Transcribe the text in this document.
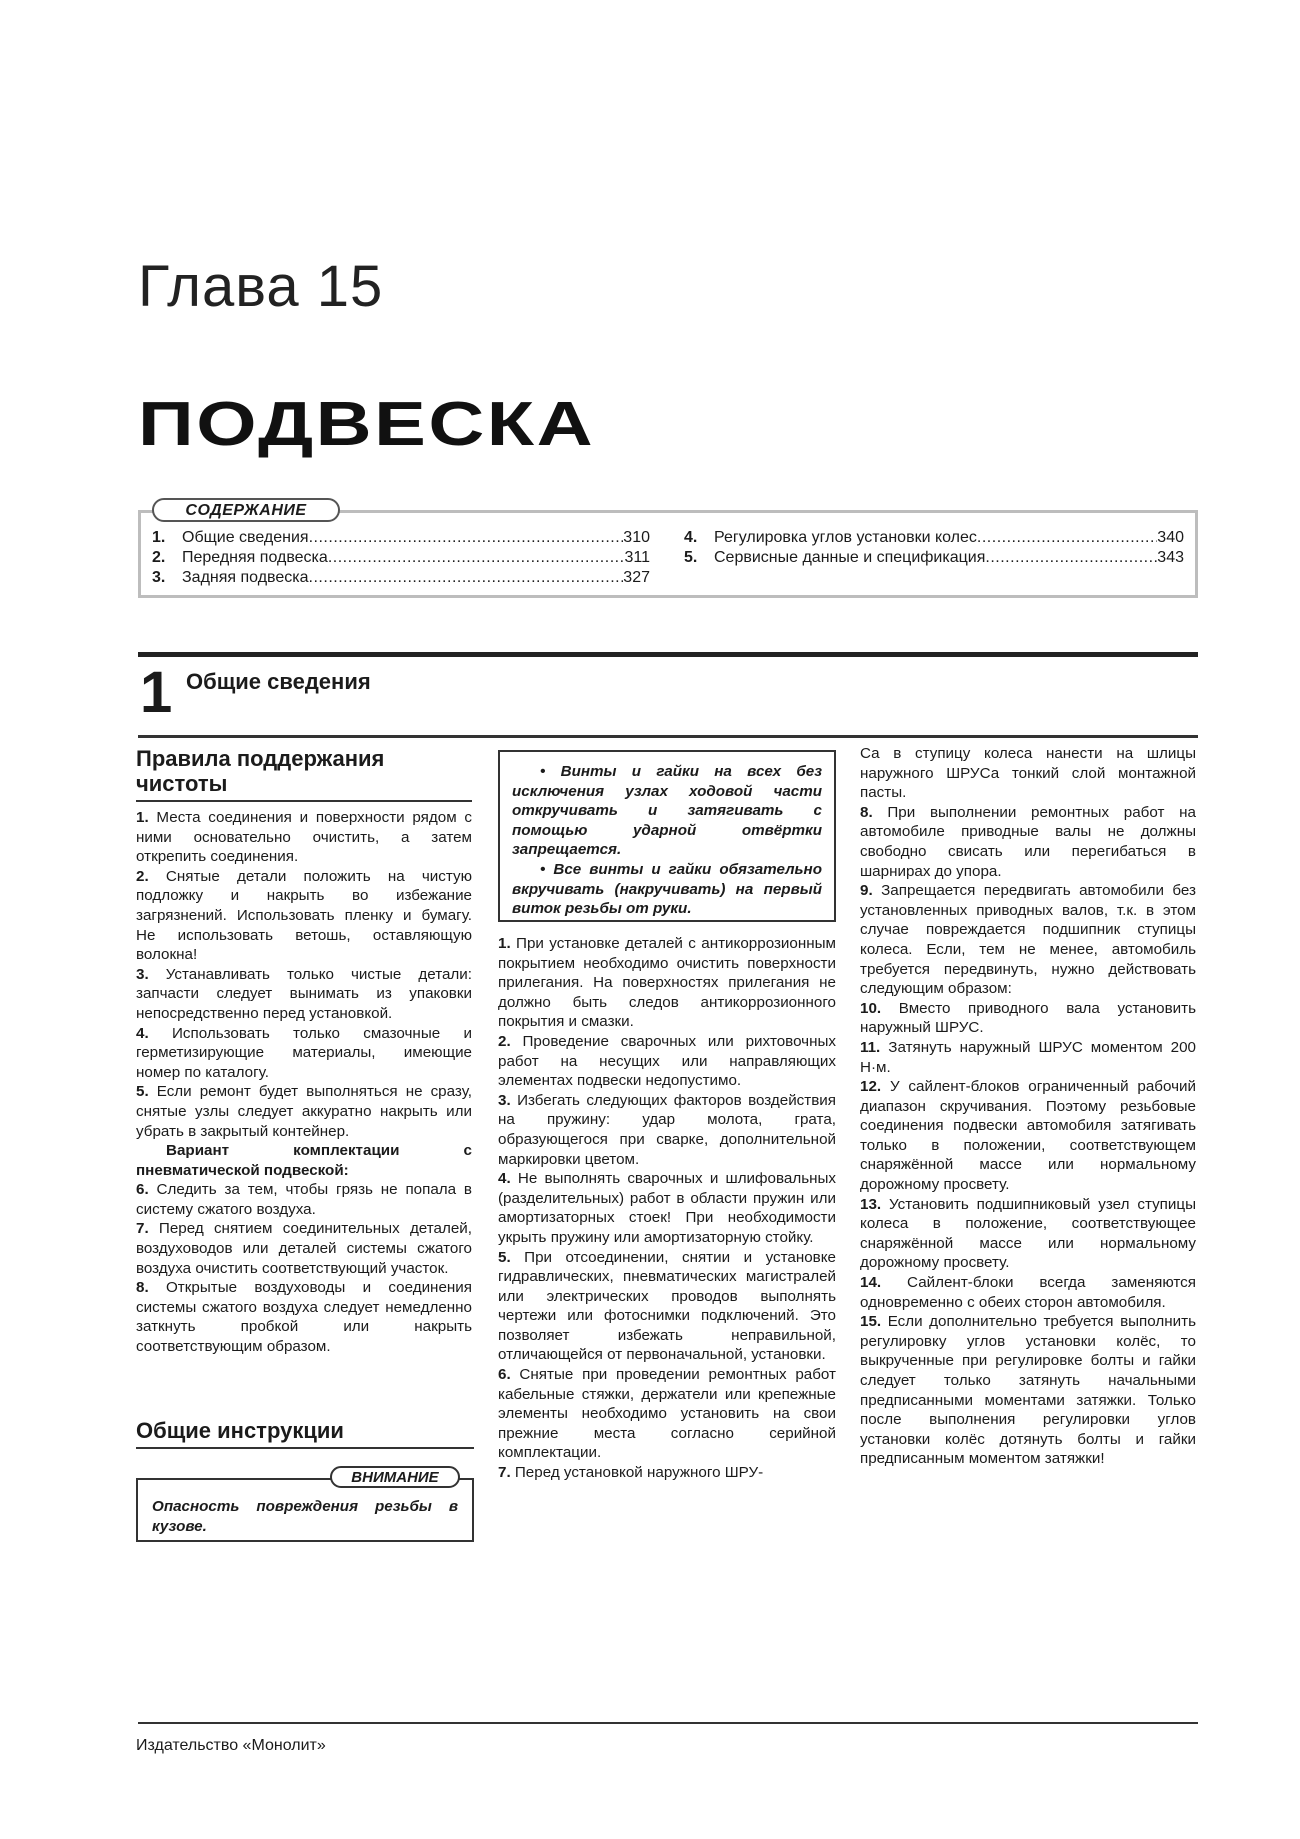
Глава 15
ПОДВЕСКА
СОДЕРЖАНИЕ
1.	Общие сведения .....	310
2.	Передняя подвеска .....	311
3.	Задняя подвеска .....	327
4.	Регулировка углов установки колес .....	340
5.	Сервисные данные и спецификация .....	343
1 Общие сведения
Правила поддержания чистоты

1. Места соединения и поверхности рядом с ними основательно очистить, а затем открепить соединения.

2. Снятые детали положить на чистую подложку и накрыть во избежание загрязнений. Использовать пленку и бумагу. Не использовать ветошь, оставляющую волокна!

3. Устанавливать только чистые детали: запчасти следует вынимать из упаковки непосредственно перед установкой.

4. Использовать только смазочные и герметизирующие материалы, имеющие номер по каталогу.

5. Если ремонт будет выполняться не сразу, снятые узлы следует аккуратно накрыть или убрать в закрытый контейнер.

Вариант комплектации с пневматической подвеской:

6. Следить за тем, чтобы грязь не попала в систему сжатого воздуха.

7. Перед снятием соединительных деталей, воздуховодов или деталей системы сжатого воздуха очистить соответствующий участок.

8. Открытые воздуховоды и соединения системы сжатого воздуха следует немедленно заткнуть пробкой или накрыть соответствующим образом.

Общие инструкции
Опасность повреждения резьбы в кузове.
ВНИМАНИЕ

• Винты и гайки на всех без исключения узлах ходовой части откручивать и затягивать с помощью ударной отвёртки запрещается.

• Все винты и гайки обязательно вкручивать (накручивать) на первый виток резьбы от руки.

1. При установке деталей с антикоррозионным покрытием необходимо очистить поверхности прилегания. На поверхностях прилегания не должно быть следов антикоррозионного покрытия и смазки.

2. Проведение сварочных или рихтовочных работ на несущих или направляющих элементах подвески недопустимо.

3. Избегать следующих факторов воздействия на пружину: удар молота, грата, образующегося при сварке, дополнительной маркировки цветом.

4. Не выполнять сварочных и шлифовальных (разделительных) работ в области пружин или амортизаторных стоек! При необходимости укрыть пружину или амортизаторную стойку.

5. При отсоединении, снятии и установке гидравлических, пневматических магистралей или электрических проводов выполнять чертежи или фотоснимки подключений. Это позволяет избежать неправильной, отличающейся от первоначальной, установки.

6. Снятые при проведении ремонтных работ кабельные стяжки, держатели или крепежные элементы необходимо установить на свои прежние места согласно серийной комплектации.

7. Перед установкой наружного ШРУ-

Са в ступицу колеса нанести на шлицы наружного ШРУСа тонкий слой монтажной пасты.

8. При выполнении ремонтных работ на автомобиле приводные валы не должны свободно свисать или перегибаться в шарнирах до упора.

9. Запрещается передвигать автомобили без установленных приводных валов, т.к. в этом случае повреждается подшипник ступицы колеса. Если, тем не менее, автомобиль требуется передвинуть, нужно действовать следующим образом:

10. Вместо приводного вала установить наружный ШРУС.

11. Затянуть наружный ШРУС моментом 200 Н·м.

12. У сайлент-блоков ограниченный рабочий диапазон скручивания. Поэтому резьбовые соединения подвески автомобиля затягивать только в положении, соответствующем снаряжённой массе или нормальному дорожному просвету.

13. Установить подшипниковый узел ступицы колеса в положение, соответствующее снаряжённой массе или нормальному дорожному просвету.

14. Сайлент-блоки всегда заменяются одновременно с обеих сторон автомобиля.

15. Если дополнительно требуется выполнить регулировку углов установки колёс, то выкрученные при регулировке болты и гайки следует только затянуть начальными предписанными моментами затяжки. Только после выполнения регулировки углов установки колёс дотянуть болты и гайки предписанным моментом затяжки!

Издательство «Монолит»
